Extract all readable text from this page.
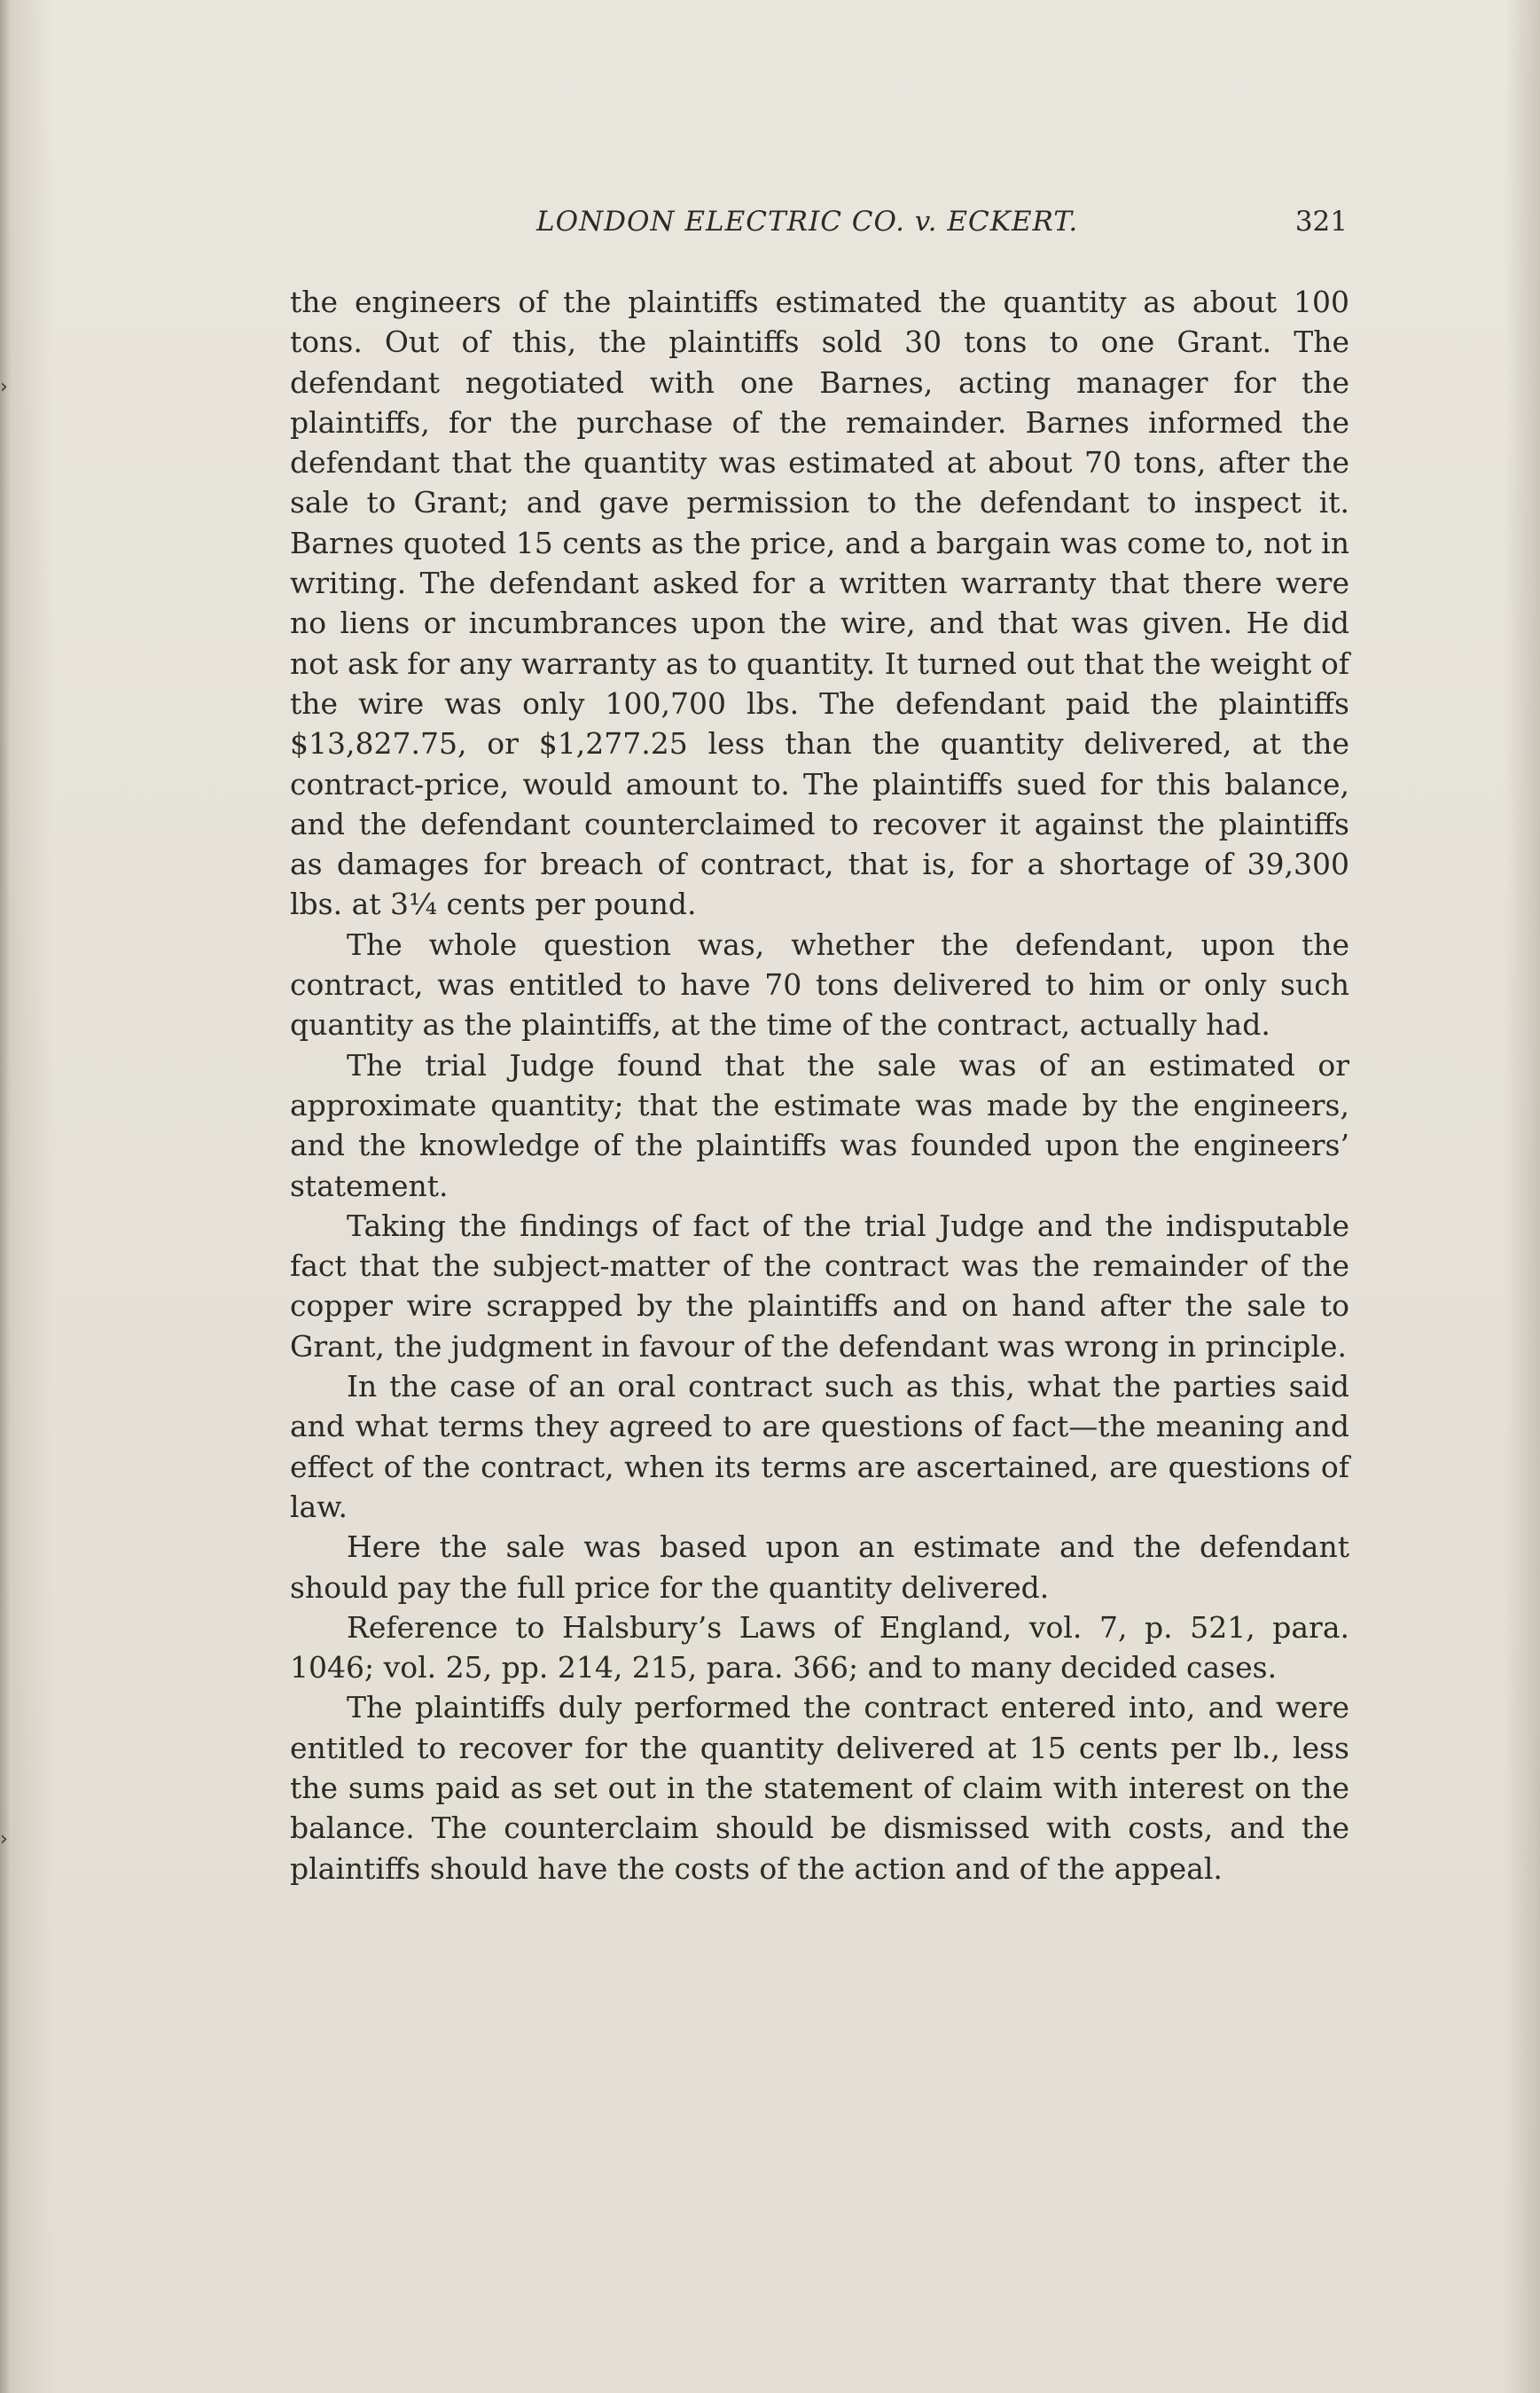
›
›
LONDON ELECTRIC CO. v. ECKERT.	321

the engineers of the plaintiffs estimated the quantity as about 100 tons. Out of this, the plaintiffs sold 30 tons to one Grant. The defendant negotiated with one Barnes, acting manager for the plaintiffs, for the purchase of the remainder. Barnes informed the defendant that the quantity was estimated at about 70 tons, after the sale to Grant; and gave permission to the defendant to inspect it. Barnes quoted 15 cents as the price, and a bargain was come to, not in writing. The defendant asked for a written warranty that there were no liens or incumbrances upon the wire, and that was given. He did not ask for any warranty as to quantity. It turned out that the weight of the wire was only 100,700 lbs. The defendant paid the plaintiffs $13,827.75, or $1,277.25 less than the quantity delivered, at the contract-price, would amount to. The plaintiffs sued for this balance, and the defendant counterclaimed to recover it against the plaintiffs as damages for breach of contract, that is, for a shortage of 39,300 lbs. at 3¼ cents per pound.

The whole question was, whether the defendant, upon the contract, was entitled to have 70 tons delivered to him or only such quantity as the plaintiffs, at the time of the contract, actually had.

The trial Judge found that the sale was of an estimated or approximate quantity; that the estimate was made by the engineers, and the knowledge of the plaintiffs was founded upon the engineers’ statement.

Taking the findings of fact of the trial Judge and the indisputable fact that the subject-matter of the contract was the remainder of the copper wire scrapped by the plaintiffs and on hand after the sale to Grant, the judgment in favour of the defendant was wrong in principle.

In the case of an oral contract such as this, what the parties said and what terms they agreed to are questions of fact—the meaning and effect of the contract, when its terms are ascertained, are questions of law.

Here the sale was based upon an estimate and the defendant should pay the full price for the quantity delivered.

Reference to Halsbury’s Laws of England, vol. 7, p. 521, para. 1046; vol. 25, pp. 214, 215, para. 366; and to many decided cases.

The plaintiffs duly performed the contract entered into, and were entitled to recover for the quantity delivered at 15 cents per lb., less the sums paid as set out in the statement of claim with interest on the balance. The counterclaim should be dismissed with costs, and the plaintiffs should have the costs of the action and of the appeal.
